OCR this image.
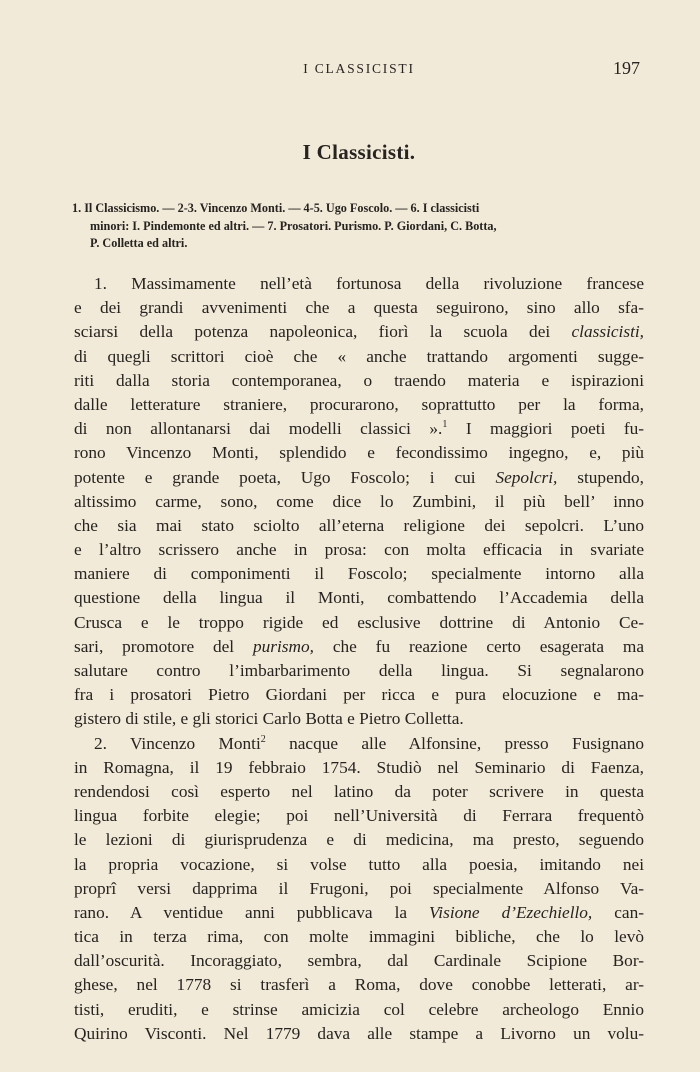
I CLASSICISTI	197
I Classicisti.
1. Il Classicismo. — 2-3. Vincenzo Monti. — 4-5. Ugo Foscolo. — 6. I classicisti
minori: I. Pindemonte ed altri. — 7. Prosatori. Purismo. P. Giordani, C. Botta,
P. Colletta ed altri.
1. Massimamente nell’età fortunosa della rivoluzione francese
e dei grandi avvenimenti che a questa seguirono, sino allo sfa-
sciarsi della potenza napoleonica, fiorì la scuola dei classicisti,
di quegli scrittori cioè che « anche trattando argomenti sugge-
riti dalla storia contemporanea, o traendo materia e ispirazioni
dalle letterature straniere, procurarono, soprattutto per la forma,
di non allontanarsi dai modelli classici ».$^1$ I maggiori poeti fu-
rono Vincenzo Monti, splendido e fecondissimo ingegno, e, più
potente e grande poeta, Ugo Foscolo; i cui Sepolcri, stupendo,
altissimo carme, sono, come dice lo Zumbini, il più bell’ inno
che sia mai stato sciolto all’eterna religione dei sepolcri. L’uno
e l’altro scrissero anche in prosa: con molta efficacia in svariate
maniere di componimenti il Foscolo; specialmente intorno alla
questione della lingua il Monti, combattendo l’Accademia della
Crusca e le troppo rigide ed esclusive dottrine di Antonio Ce-
sari, promotore del purismo, che fu reazione certo esagerata ma
salutare contro l’imbarbarimento della lingua. Si segnalarono
fra i prosatori Pietro Giordani per ricca e pura elocuzione e ma-
gistero di stile, e gli storici Carlo Botta e Pietro Colletta.
2. Vincenzo Monti$^2$ nacque alle Alfonsine, presso Fusignano
in Romagna, il 19 febbraio 1754. Studiò nel Seminario di Faenza,
rendendosi così esperto nel latino da poter scrivere in questa
lingua forbite elegie; poi nell’Università di Ferrara frequentò
le lezioni di giurisprudenza e di medicina, ma presto, seguendo
la propria vocazione, si volse tutto alla poesia, imitando nei
proprî versi dapprima il Frugoni, poi specialmente Alfonso Va-
rano. A ventidue anni pubblicava la Visione d’Ezechiello, can-
tica in terza rima, con molte immagini bibliche, che lo levò
dall’oscurità. Incoraggiato, sembra, dal Cardinale Scipione Bor-
ghese, nel 1778 si trasferì a Roma, dove conobbe letterati, ar-
tisti, eruditi, e strinse amicizia col celebre archeologo Ennio
Quirino Visconti. Nel 1779 dava alle stampe a Livorno un volu-
